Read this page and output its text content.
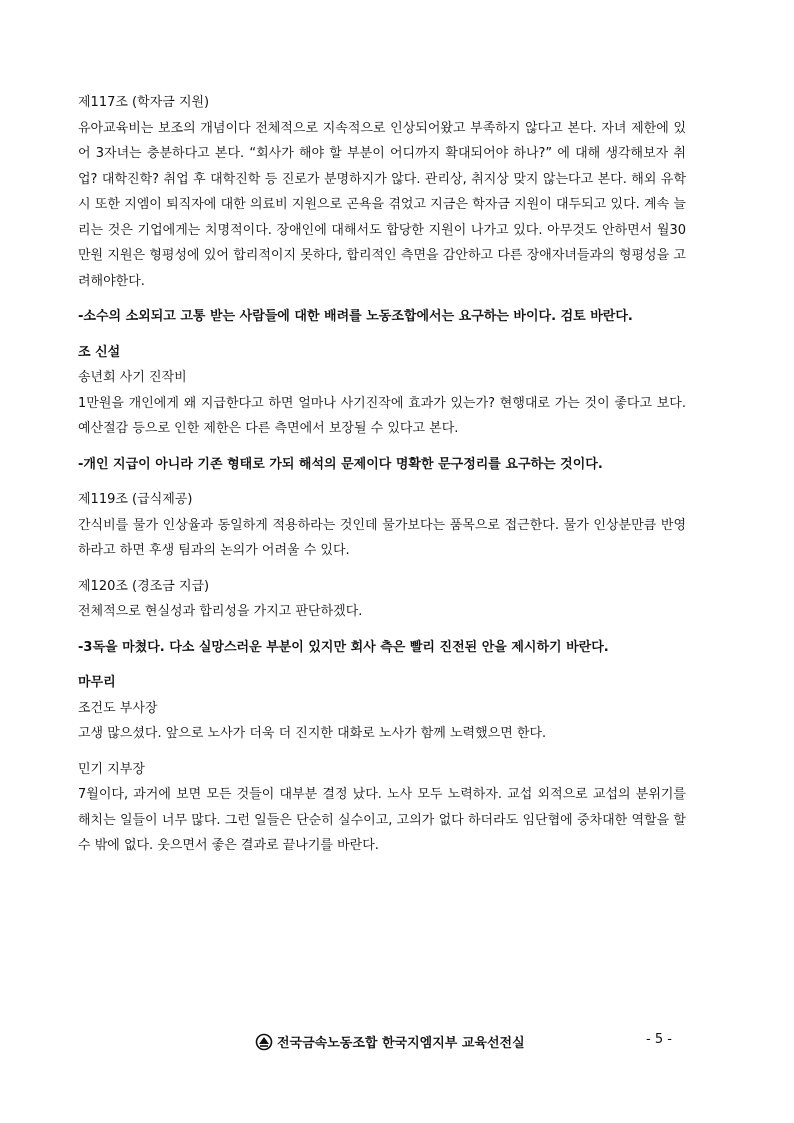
제117조 (학자금 지원)

유아교육비는 보조의 개념이다 전체적으로 지속적으로 인상되어왔고 부족하지 않다고 본다. 자녀 제한에 있어 3자녀는 충분하다고 본다. “회사가 해야 할 부분이 어디까지 확대되어야 하나?” 에 대해 생각해보자 취업? 대학진학? 취업 후 대학진학 등 진로가 분명하지가 않다. 관리상, 취지상 맞지 않는다고 본다. 해외 유학 시 또한 지엠이 퇴직자에 대한 의료비 지원으로 곤욕을 겪었고 지금은 학자금 지원이 대두되고 있다. 계속 늘리는 것은 기업에게는 치명적이다. 장애인에 대해서도 합당한 지원이 나가고 있다. 아무것도 안하면서 월30만원 지원은 형평성에 있어 합리적이지 못하다, 합리적인 측면을 감안하고 다른 장애자녀들과의 형평성을 고려해야한다.

-소수의 소외되고 고통 받는 사람들에 대한 배려를 노동조합에서는 요구하는 바이다. 검토 바란다.

조 신설

송년회 사기 진작비

1만원을 개인에게 왜 지급한다고 하면 얼마나 사기진작에 효과가 있는가? 현행대로 가는 것이 좋다고 보다. 예산절감 등으로 인한 제한은 다른 측면에서 보장될 수 있다고 본다.

-개인 지급이 아니라 기존 형태로 가되 해석의 문제이다 명확한 문구정리를 요구하는 것이다.

제119조 (급식제공)

간식비를 물가 인상율과 동일하게 적용하라는 것인데 물가보다는 품목으로 접근한다. 물가 인상분만큼 반영하라고 하면 후생 팀과의 논의가 어려울 수 있다.

제120조 (경조금 지급)

전체적으로 현실성과 합리성을 가지고 판단하겠다.

-3독을 마쳤다. 다소 실망스러운 부분이 있지만 회사 측은 빨리 진전된 안을 제시하기 바란다.

마무리

조건도 부사장

고생 많으셨다. 앞으로 노사가 더욱 더 진지한 대화로 노사가 함께 노력했으면 한다.

민기 지부장

7월이다, 과거에 보면 모든 것들이 대부분 결정 났다. 노사 모두 노력하자. 교섭 외적으로 교섭의 분위기를 해치는 일들이 너무 많다. 그런 일들은 단순히 실수이고, 고의가 없다 하더라도 임단협에 중차대한 역할을 할 수 밖에 없다. 웃으면서 좋은 결과로 끝나기를 바란다.

전국금속노동조합 한국지엠지부 교육선전실	- 5 -
